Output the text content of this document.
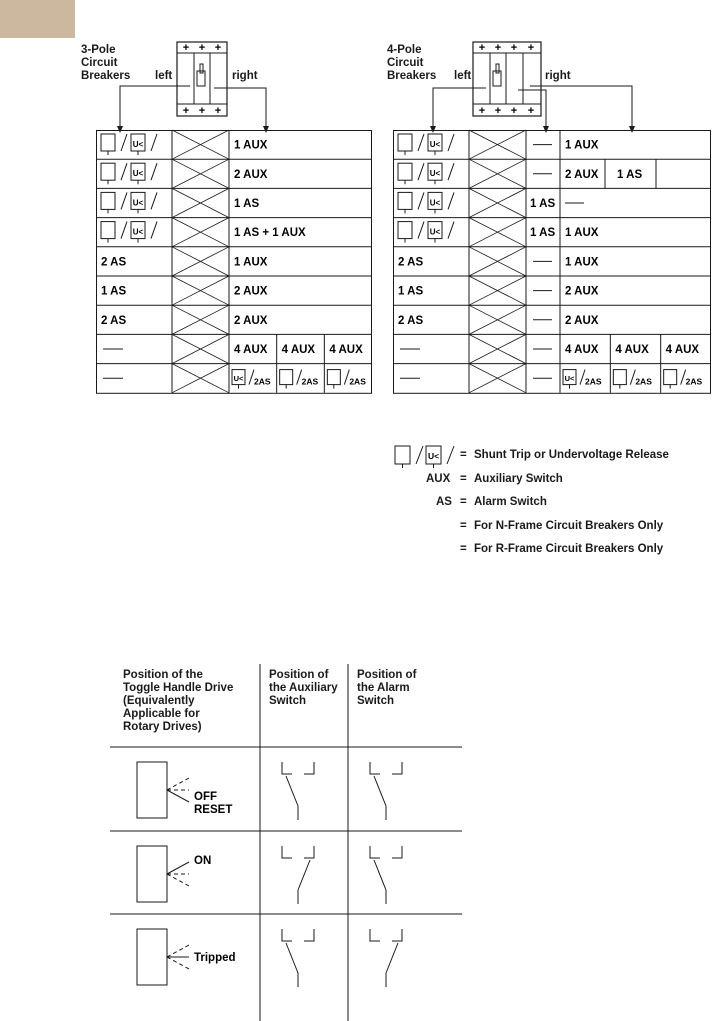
3-Pole
Circuit
Breakers left	right
+ + +
+ + +
4-Pole
Circuit
Breakers left	right
+ + + +
+ + + +
U<	1 AUX
U<	2 AUX
U<	1 AS
U<	1 AS + 1 AUX
2 AS	1 AUX
1 AS	2 AUX
2 AS	2 AUX
4 AUX 4 AUX 4 AUX
U< 2AS	2AS	2AS
U<	1 AUX
U<	2 AUX 1 AS
U<	1 AS
U<	1 AS 1 AUX
2 AS	1 AUX
1 AS	2 AUX
2 AS	2 AUX
4 AUX 4 AUX 4 AUX
U< 2AS	2AS	2AS
U< = Shunt Trip or Undervoltage Release
AUX = Auxiliary Switch
AS = Alarm Switch
= For N-Frame Circuit Breakers Only
= For R-Frame Circuit Breakers Only
Position of the
Toggle Handle Drive
(Equivalently
Applicable for
Rotary Drives)
Position of
the Auxiliary
Switch
Position of
the Alarm
Switch
OFF
RESET
ON
Tripped
